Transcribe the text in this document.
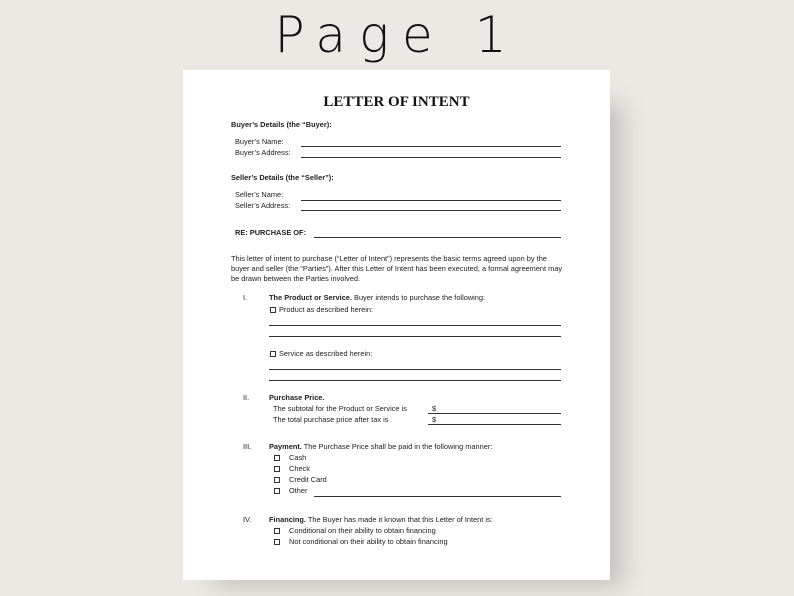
Page 1
LETTER OF INTENT
Buyer’s Details (the “Buyer):
Buyer’s Name:
Buyer’s Address:
Seller’s Details (the “Seller”):
Seller’s Name:
Seller’s Address:
RE: PURCHASE OF:
This letter of intent to purchase (“Letter of Intent”) represents the basic terms agreed upon by the buyer and seller (the “Parties”). After this Letter of Intent has been executed, a formal agreement may be drawn between the Parties involved.
I.	The Product or Service. Buyer intends to purchase the following:
Product as described herein:
Service as described herein:
II.	Purchase Price.
The subtotal for the Product or Service is	$
The total purchase price after tax is	$
III. Payment. The Purchase Price shall be paid in the following manner:
Cash
Check
Credit Card
Other
IV. Financing. The Buyer has made it known that this Letter of Intent is:
Conditional on their ability to obtain financing
Not conditional on their ability to obtain financing
